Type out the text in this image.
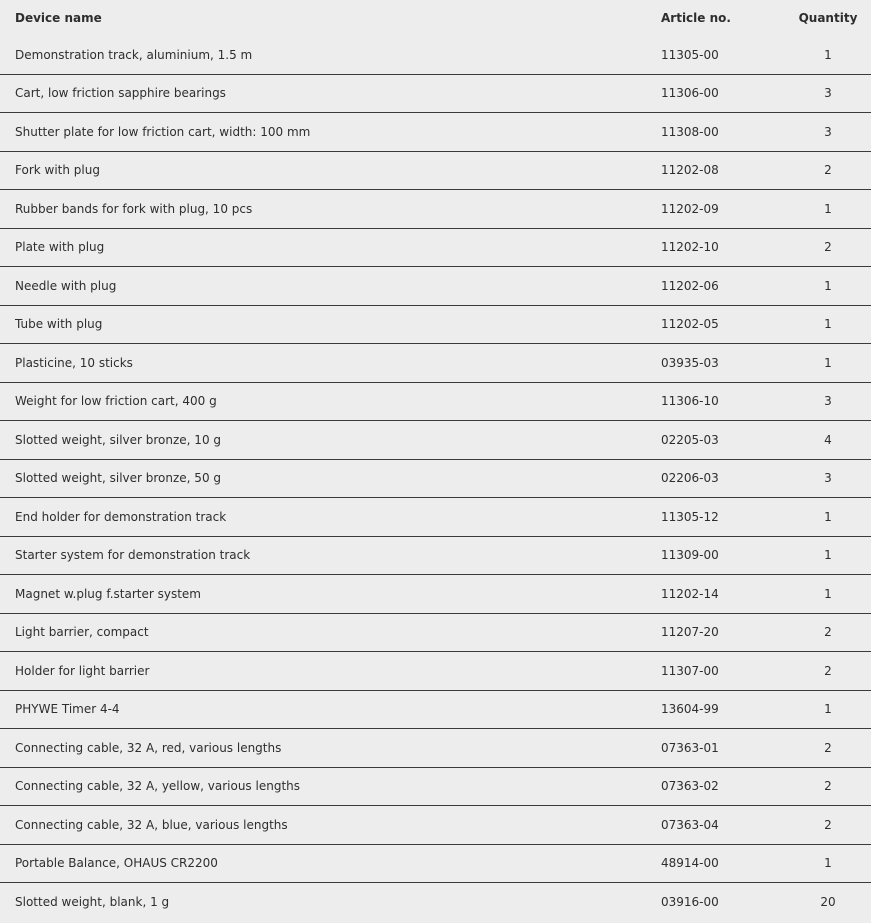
Device name	Article no.	Quantity
Demonstration track, aluminium, 1.5 m	11305-00	1
Cart, low friction sapphire bearings	11306-00	3
Shutter plate for low friction cart, width: 100 mm	11308-00	3
Fork with plug	11202-08	2
Rubber bands for fork with plug, 10 pcs	11202-09	1
Plate with plug	11202-10	2
Needle with plug	11202-06	1
Tube with plug	11202-05	1
Plasticine, 10 sticks	03935-03	1
Weight for low friction cart, 400 g	11306-10	3
Slotted weight, silver bronze, 10 g	02205-03	4
Slotted weight, silver bronze, 50 g	02206-03	3
End holder for demonstration track	11305-12	1
Starter system for demonstration track	11309-00	1
Magnet w.plug f.starter system	11202-14	1
Light barrier, compact	11207-20	2
Holder for light barrier	11307-00	2
PHYWE Timer 4-4	13604-99	1
Connecting cable, 32 A, red, various lengths	07363-01	2
Connecting cable, 32 A, yellow, various lengths	07363-02	2
Connecting cable, 32 A, blue, various lengths	07363-04	2
Portable Balance, OHAUS CR2200	48914-00	1
Slotted weight, blank, 1 g	03916-00	20
